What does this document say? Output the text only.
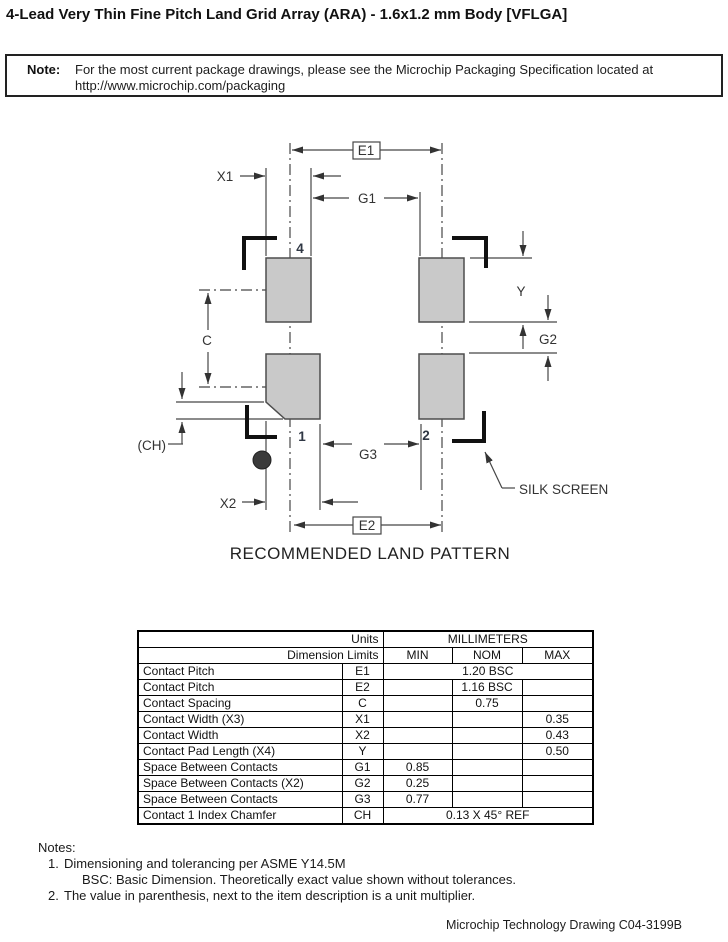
4-Lead Very Thin Fine Pitch Land Grid Array (ARA) - 1.6x1.2 mm Body [VFLGA]
Note: For the most current package drawings, please see the Microchip Packaging Specification located at
http://www.microchip.com/packaging
E1
X1
G1
C
Y
G2
(CH)
X2
G3
E2
SILK SCREEN
4
1	2
RECOMMENDED LAND PATTERN
Units		MILLIMETERS		
Dimension Limits		MIN	NOM	MAX
Contact Pitch	E1	1.20 BSC		
Contact Pitch	E2		1.16 BSC	
Contact Spacing	C		0.75	
Contact Width (X3)	X1			0.35
Contact Width	X2			0.43
Contact Pad Length (X4)	Y			0.50
Space Between Contacts	G1	0.85		
Space Between Contacts (X2)	G2	0.25		
Space Between Contacts	G3	0.77		
Contact 1 Index Chamfer	CH	0.13 X 45° REF		
Notes:
1. Dimensioning and tolerancing per ASME Y14.5M
BSC: Basic Dimension. Theoretically exact value shown without tolerances.
2. The value in parenthesis, next to the item description is a unit multiplier.
Microchip Technology Drawing C04-3199B
